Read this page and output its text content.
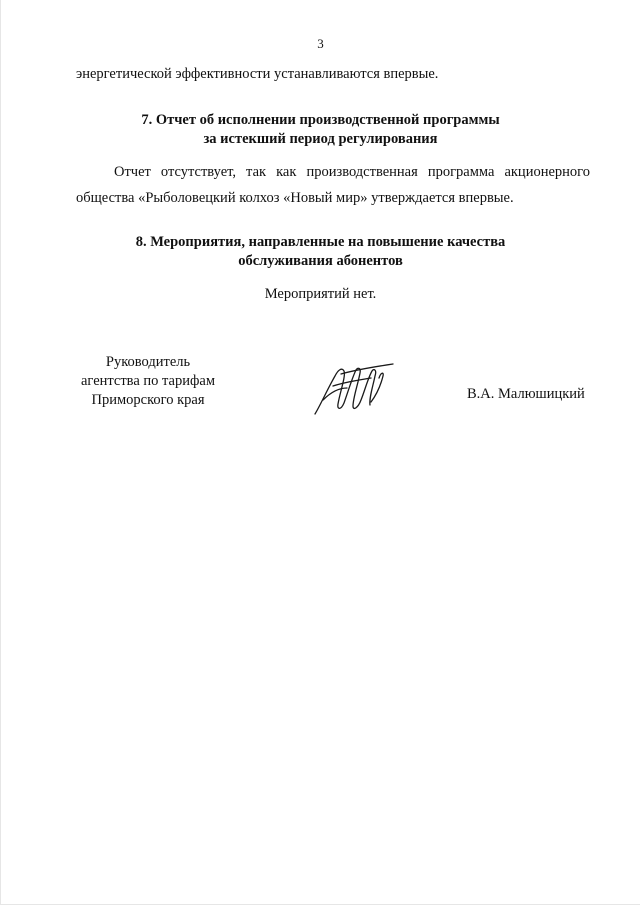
3
энергетической эффективности устанавливаются впервые.
7. Отчет об исполнении производственной программы
за истекший период регулирования
Отчет отсутствует, так как производственная программа акционерного
общества «Рыболовецкий колхоз «Новый мир» утверждается впервые.
8. Мероприятия, направленные на повышение качества
обслуживания абонентов
Мероприятий нет.
Руководитель
агентства по тарифам
Приморского края	В.А. Малюшицкий
